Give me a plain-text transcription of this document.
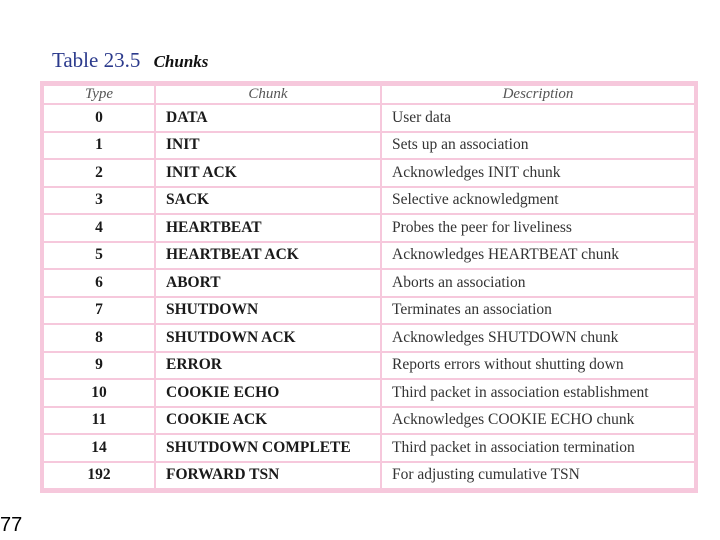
Table 23.5 Chunks
Type	Chunk	Description
0	DATA	User data
1	INIT	Sets up an association
2	INIT ACK	Acknowledges INIT chunk
3	SACK	Selective acknowledgment
4	HEARTBEAT	Probes the peer for liveliness
5	HEARTBEAT ACK	Acknowledges HEARTBEAT chunk
6	ABORT	Aborts an association
7	SHUTDOWN	Terminates an association
8	SHUTDOWN ACK	Acknowledges SHUTDOWN chunk
9	ERROR	Reports errors without shutting down
10	COOKIE ECHO	Third packet in association establishment
11	COOKIE ACK	Acknowledges COOKIE ECHO chunk
14	SHUTDOWN COMPLETE	Third packet in association termination
192	FORWARD TSN	For adjusting cumulative TSN
77
